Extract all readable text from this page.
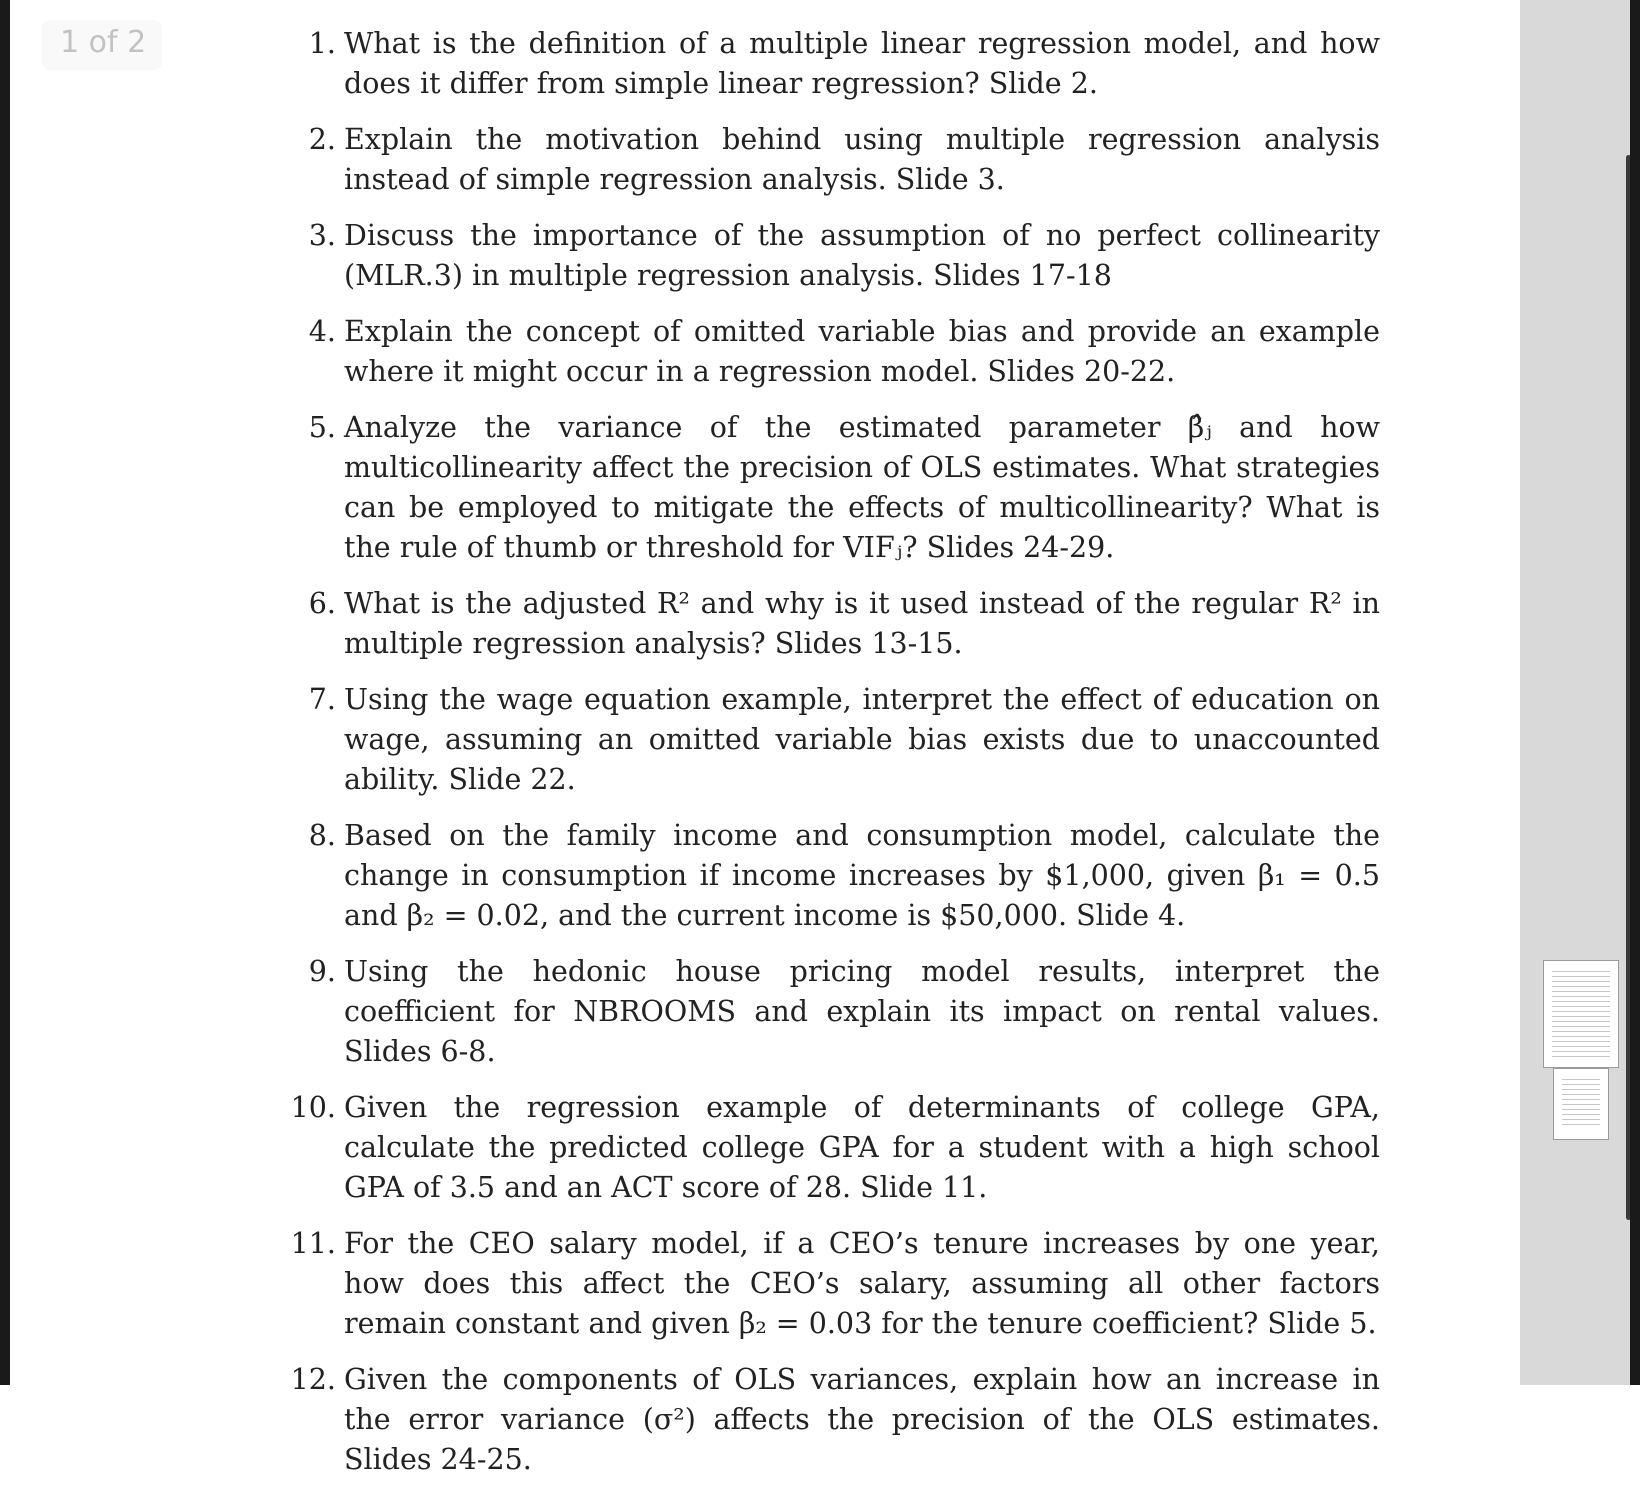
1. What is the definition of a multiple linear regression model, and how does it differ from simple linear regression? Slide 2.
2. Explain the motivation behind using multiple regression analysis instead of simple regression analysis. Slide 3.
3. Discuss the importance of the assumption of no perfect collinearity (MLR.3) in multiple regression analysis. Slides 17-18
4. Explain the concept of omitted variable bias and provide an example where it might occur in a regression model. Slides 20-22.
5. Analyze the variance of the estimated parameter β̂ⱼ and how multicollinearity affect the precision of OLS estimates. What strategies can be employed to mitigate the effects of multicollinearity? What is the rule of thumb or threshold for VIFⱼ? Slides 24-29.
6. What is the adjusted R² and why is it used instead of the regular R² in multiple regression analysis? Slides 13-15.
7. Using the wage equation example, interpret the effect of education on wage, assuming an omitted variable bias exists due to unaccounted ability. Slide 22.
8. Based on the family income and consumption model, calculate the change in consumption if income increases by $1,000, given β₁ = 0.5 and β₂ = 0.02, and the current income is $50,000. Slide 4.
9. Using the hedonic house pricing model results, interpret the coefficient for NBROOMS and explain its impact on rental values. Slides 6-8.
10. Given the regression example of determinants of college GPA, calculate the predicted college GPA for a student with a high school GPA of 3.5 and an ACT score of 28. Slide 11.
11. For the CEO salary model, if a CEO’s tenure increases by one year, how does this affect the CEO’s salary, assuming all other factors remain constant and given β₂ = 0.03 for the tenure coefficient? Slide 5.
12. Given the components of OLS variances, explain how an increase in the error variance (σ²) affects the precision of the OLS estimates. Slides 24-25.
1 of 2
